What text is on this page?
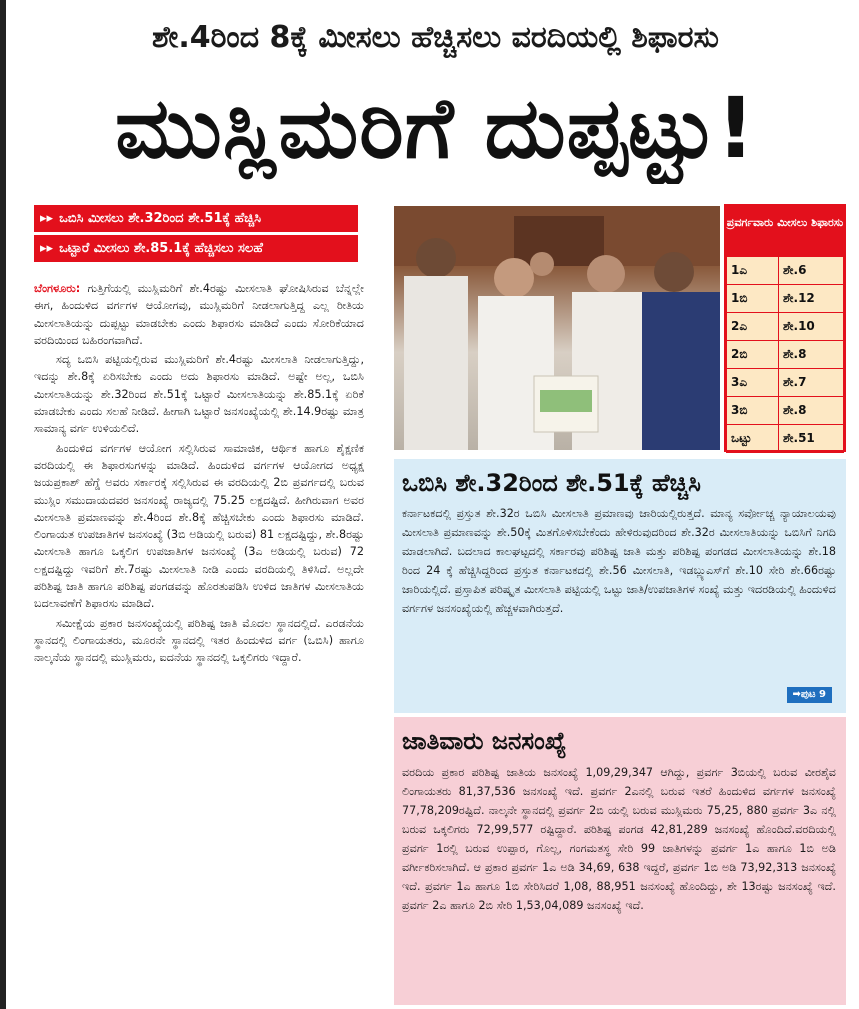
ಶೇ.4ರಿಂದ 8ಕ್ಕೆ ಮೀಸಲು ಹೆಚ್ಚಿಸಲು ವರದಿಯಲ್ಲಿ ಶಿಫಾರಸು
ಮುಸ್ಲಿಮರಿಗೆ ದುಪ್ಪಟ್ಟು!
▸▸ ಒಬಿಸಿ ಮೀಸಲು ಶೇ.32ರಿಂದ ಶೇ.51ಕ್ಕೆ ಹೆಚ್ಚಿಸಿ
▸▸ ಒಟ್ಟಾರೆ ಮೀಸಲು ಶೇ.85.1ಕ್ಕೆ ಹೆಚ್ಚಿಸಲು ಸಲಹೆ

ಬೆಂಗಳೂರು: ಗುತ್ತಿಗೆಯಲ್ಲಿ ಮುಸ್ಲಿಮರಿಗೆ ಶೇ.4ರಷ್ಟು ಮೀಸಲಾತಿ ಘೋಷಿಸಿರುವ ಬೆನ್ನಲ್ಲೇ ಈಗ, ಹಿಂದುಳಿದ ವರ್ಗಗಳ ಆಯೋಗವು, ಮುಸ್ಲಿಮರಿಗೆ ನೀಡಲಾಗುತ್ತಿದ್ದ ಎಲ್ಲ ರೀತಿಯ ಮೀಸಲಾತಿಯನ್ನು ದುಪ್ಪಟ್ಟು ಮಾಡಬೇಕು ಎಂದು ಶಿಫಾರಸು ಮಾಡಿದೆ ಎಂದು ಸೋರಿಕೆಯಾದ ವರದಿಯಿಂದ ಬಹಿರಂಗವಾಗಿದೆ.

ಸದ್ಯ ಒಬಿಸಿ ಪಟ್ಟಿಯಲ್ಲಿರುವ ಮುಸ್ಲಿಮರಿಗೆ ಶೇ.4ರಷ್ಟು ಮೀಸಲಾತಿ ನೀಡಲಾಗುತ್ತಿದ್ದು, ಇದನ್ನು ಶೇ.8ಕ್ಕೆ ಏರಿಸಬೇಕು ಎಂದು ಅದು ಶಿಫಾರಸು ಮಾಡಿದೆ. ಅಷ್ಟೇ ಅಲ್ಲ, ಒಬಿಸಿ ಮೀಸಲಾತಿಯನ್ನು ಶೇ.32ರಿಂದ ಶೇ.51ಕ್ಕೆ ಒಟ್ಟಾರೆ ಮೀಸಲಾತಿಯನ್ನು ಶೇ.85.1ಕ್ಕೆ ಏರಿಕೆ ಮಾಡಬೇಕು ಎಂದು ಸಲಹೆ ನೀಡಿದೆ. ಹೀಗಾಗಿ ಒಟ್ಟಾರೆ ಜನಸಂಖ್ಯೆಯಲ್ಲಿ ಶೇ.14.9ರಷ್ಟು ಮಾತ್ರ ಸಾಮಾನ್ಯ ವರ್ಗ ಉಳಿಯಲಿದೆ.

ಹಿಂದುಳಿದ ವರ್ಗಗಳ ಆಯೋಗ ಸಲ್ಲಿಸಿರುವ ಸಾಮಾಜಿಕ, ಆರ್ಥಿಕ ಹಾಗೂ ಶೈಕ್ಷಣಿಕ ವರದಿಯಲ್ಲಿ ಈ ಶಿಫಾರಸುಗಳನ್ನು ಮಾಡಿದೆ. ಹಿಂದುಳಿದ ವರ್ಗಗಳ ಆಯೋಗದ ಅಧ್ಯಕ್ಷ ಜಯಪ್ರಕಾಶ್ ಹೆಗ್ಡೆ ಅವರು ಸರ್ಕಾರಕ್ಕೆ ಸಲ್ಲಿಸಿರುವ ಈ ವರದಿಯಲ್ಲಿ 2ಬಿ ಪ್ರವರ್ಗದಲ್ಲಿ ಬರುವ ಮುಸ್ಲಿಂ ಸಮುದಾಯದವರ ಜನಸಂಖ್ಯೆ ರಾಜ್ಯದಲ್ಲಿ 75.25 ಲಕ್ಷದಷ್ಟಿದೆ. ಹೀಗಿರುವಾಗ ಅವರ ಮೀಸಲಾತಿ ಪ್ರಮಾಣವನ್ನು ಶೇ.4ರಿಂದ ಶೇ.8ಕ್ಕೆ ಹೆಚ್ಚಿಸಬೇಕು ಎಂದು ಶಿಫಾರಸು ಮಾಡಿದೆ. ಲಿಂಗಾಯತ ಉಪಜಾತಿಗಳ ಜನಸಂಖ್ಯೆ (3ಬಿ ಅಡಿಯಲ್ಲಿ ಬರುವ) 81 ಲಕ್ಷದಷ್ಟಿದ್ದು, ಶೇ.8ರಷ್ಟು ಮೀಸಲಾತಿ ಹಾಗೂ ಒಕ್ಕಲಿಗ ಉಪಜಾತಿಗಳ ಜನಸಂಖ್ಯೆ (3ಎ ಅಡಿಯಲ್ಲಿ ಬರುವ) 72 ಲಕ್ಷದಷ್ಟಿದ್ದು ಇವರಿಗೆ ಶೇ.7ರಷ್ಟು ಮೀಸಲಾತಿ ನೀಡಿ ಎಂದು ವರದಿಯಲ್ಲಿ ತಿಳಿಸಿದೆ. ಅಲ್ಲದೇ ಪರಿಶಿಷ್ಟ ಜಾತಿ ಹಾಗೂ ಪರಿಶಿಷ್ಟ ಪಂಗಡವನ್ನು ಹೊರತುಪಡಿಸಿ ಉಳಿದ ಜಾತಿಗಳ ಮೀಸಲಾತಿಯ ಬದಲಾವಣೆಗೆ ಶಿಫಾರಸು ಮಾಡಿದೆ.

ಸಮೀಕ್ಷೆಯ ಪ್ರಕಾರ ಜನಸಂಖ್ಯೆಯಲ್ಲಿ ಪರಿಶಿಷ್ಟ ಜಾತಿ ಮೊದಲ ಸ್ಥಾನದಲ್ಲಿದೆ. ಎರಡನೆಯ ಸ್ಥಾನದಲ್ಲಿ ಲಿಂಗಾಯತರು, ಮೂರನೇ ಸ್ಥಾನದಲ್ಲಿ ಇತರ ಹಿಂದುಳಿದ ವರ್ಗ (ಒಬಿಸಿ) ಹಾಗೂ ನಾಲ್ಕನೆಯ ಸ್ಥಾನದಲ್ಲಿ ಮುಸ್ಲಿಮರು, ಐದನೆಯ ಸ್ಥಾನದಲ್ಲಿ ಒಕ್ಕಲಿಗರು ಇದ್ದಾರೆ.

ಪ್ರವರ್ಗವಾರು ಮೀಸಲು ಶಿಫಾರಸು
1ಎ	ಶೇ.6
1ಬಿ	ಶೇ.12
2ಎ	ಶೇ.10
2ಬಿ	ಶೇ.8
3ಎ	ಶೇ.7
3ಬಿ	ಶೇ.8
ಒಟ್ಟು	ಶೇ.51
ಒಬಿಸಿ ಶೇ.32ರಿಂದ ಶೇ.51ಕ್ಕೆ ಹೆಚ್ಚಿಸಿ

ಕರ್ನಾಟಕದಲ್ಲಿ ಪ್ರಸ್ತುತ ಶೇ.32ರ ಒಬಿಸಿ ಮೀಸಲಾತಿ ಪ್ರಮಾಣವು ಜಾರಿಯಲ್ಲಿರುತ್ತದೆ. ಮಾನ್ಯ ಸರ್ವೋಚ್ಚ ನ್ಯಾಯಾಲಯವು ಮೀಸಲಾತಿ ಪ್ರಮಾಣವನ್ನು ಶೇ.50ಕ್ಕೆ ಮಿತಗೊಳಿಸಬೇಕೆಂದು ಹೇಳಿರುವುದರಿಂದ ಶೇ.32ರ ಮೀಸಲಾತಿಯನ್ನು ಒಬಿಸಿಗೆ ನಿಗದಿ ಮಾಡಲಾಗಿದೆ. ಬದಲಾದ ಕಾಲಘಟ್ಟದಲ್ಲಿ ಸರ್ಕಾರವು ಪರಿಶಿಷ್ಟ ಜಾತಿ ಮತ್ತು ಪರಿಶಿಷ್ಟ ಪಂಗಡದ ಮೀಸಲಾತಿಯನ್ನು ಶೇ.18 ರಿಂದ 24 ಕ್ಕೆ ಹೆಚ್ಚಿಸಿದ್ದರಿಂದ ಪ್ರಸ್ತುತ ಕರ್ನಾಟಕದಲ್ಲಿ ಶೇ.56 ಮೀಸಲಾತಿ, ಇಡಬ್ಲ್ಯುಎಸ್‌ಗೆ ಶೇ.10 ಸೇರಿ ಶೇ.66ರಷ್ಟು ಜಾರಿಯಲ್ಲಿದೆ. ಪ್ರಸ್ತಾಪಿತ ಪರಿಷ್ಕೃತ ಮೀಸಲಾತಿ ಪಟ್ಟಿಯಲ್ಲಿ ಒಟ್ಟು ಜಾತಿ/ಉಪಜಾತಿಗಳ ಸಂಖ್ಯೆ ಮತ್ತು ಇದರಡಿಯಲ್ಲಿ ಹಿಂದುಳಿದ ವರ್ಗಗಳ ಜನಸಂಖ್ಯೆಯಲ್ಲಿ ಹೆಚ್ಚಳವಾಗಿರುತ್ತದೆ.

➡ಪುಟ 9
ಜಾತಿವಾರು ಜನಸಂಖ್ಯೆ

ವರದಿಯ ಪ್ರಕಾರ ಪರಿಶಿಷ್ಟ ಜಾತಿಯ ಜನಸಂಖ್ಯೆ 1,09,29,347 ಆಗಿದ್ದು, ಪ್ರವರ್ಗ 3ಬಿಯಲ್ಲಿ ಬರುವ ವೀರಶೈವ ಲಿಂಗಾಯತರು 81,37,536 ಜನಸಂಖ್ಯೆ ಇದೆ. ಪ್ರವರ್ಗ 2ಎನಲ್ಲಿ ಬರುವ ಇತರೆ ಹಿಂದುಳಿದ ವರ್ಗಗಳ ಜನಸಂಖ್ಯೆ 77,78,209ರಷ್ಟಿದೆ. ನಾಲ್ಕನೇ ಸ್ಥಾನದಲ್ಲಿ ಪ್ರವರ್ಗ 2ಬಿ ಯಲ್ಲಿ ಬರುವ ಮುಸ್ಲಿಮರು 75,25, 880 ಪ್ರವರ್ಗ 3ಎ ನಲ್ಲಿ ಬರುವ ಒಕ್ಕಲಿಗರು 72,99,577 ರಷ್ಟಿದ್ದಾರೆ. ಪರಿಶಿಷ್ಟ ಪಂಗಡ 42,81,289 ಜನಸಂಖ್ಯೆ ಹೊಂದಿದೆ.ವರದಿಯಲ್ಲಿ ಪ್ರವರ್ಗ 1ರಲ್ಲಿ ಬರುವ ಉಪ್ಪಾರ, ಗೊಲ್ಲ, ಗಂಗಮತಸ್ಥ ಸೇರಿ 99 ಜಾತಿಗಳನ್ನು ಪ್ರವರ್ಗ 1ಎ ಹಾಗೂ 1ಬಿ ಅಡಿ ವರ್ಗೀಕರಿಸಲಾಗಿದೆ. ಆ ಪ್ರಕಾರ ಪ್ರವರ್ಗ 1ಎ ಅಡಿ 34,69, 638 ಇದ್ದರೆ, ಪ್ರವರ್ಗ 1ಬಿ ಅಡಿ 73,92,313 ಜನಸಂಖ್ಯೆ ಇದೆ. ಪ್ರವರ್ಗ 1ಎ ಹಾಗೂ 1ಬಿ ಸೇರಿಸಿದರೆ 1,08, 88,951 ಜನಸಂಖ್ಯೆ ಹೊಂದಿದ್ದು, ಶೇ 13ರಷ್ಟು ಜನಸಂಖ್ಯೆ ಇದೆ. ಪ್ರವರ್ಗ 2ಎ ಹಾಗೂ 2ಬಿ ಸೇರಿ 1,53,04,089 ಜನಸಂಖ್ಯೆ ಇದೆ.
